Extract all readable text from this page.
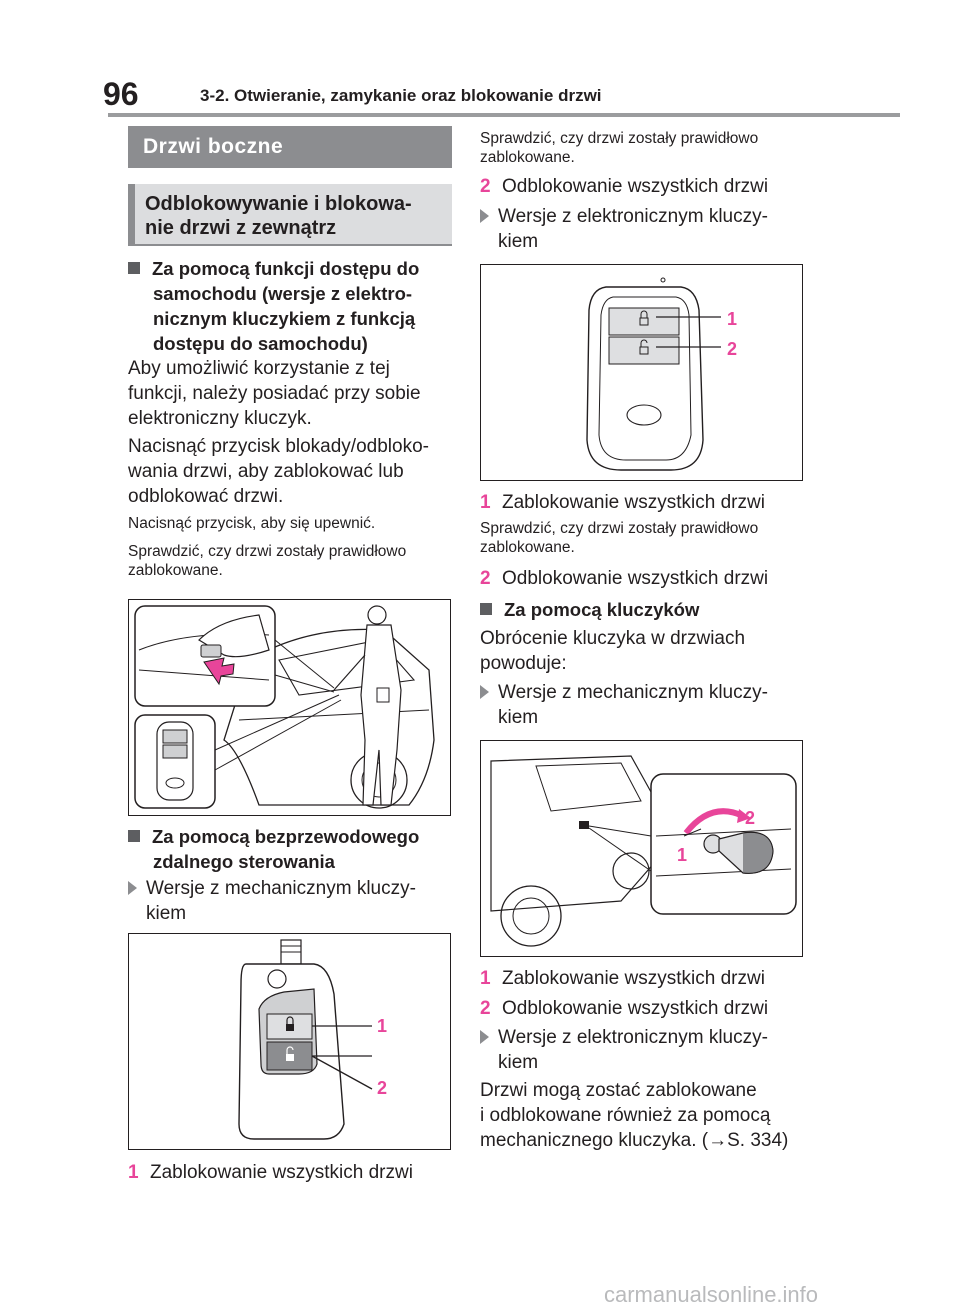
96	3-2. Otwieranie, zamykanie oraz blokowanie drzwi
Drzwi boczne
Odblokowywanie i blokowa-
nie drzwi z zewnątrz
Za pomocą funkcji dostępu do
samochodu (wersje z elektro-
nicznym kluczykiem z funkcją
dostępu do samochodu)
Aby umożliwić korzystanie z tej
funkcji, należy posiadać przy sobie
elektroniczny kluczyk.
Nacisnąć przycisk blokady/odbloko-
wania drzwi, aby zablokować lub
odblokować drzwi.
Nacisnąć przycisk, aby się upewnić.
Sprawdzić, czy drzwi zostały prawidłowo
zablokowane.
Za pomocą bezprzewodowego
zdalnego sterowania
Wersje z mechanicznym kluczy-
kiem
1
2
1 Zablokowanie wszystkich drzwi
Sprawdzić, czy drzwi zostały prawidłowo
zablokowane.
2 Odblokowanie wszystkich drzwi
Wersje z elektronicznym kluczy-
kiem
1
2
1 Zablokowanie wszystkich drzwi
Sprawdzić, czy drzwi zostały prawidłowo
zablokowane.
2 Odblokowanie wszystkich drzwi
Za pomocą kluczyków
Obrócenie kluczyka w drzwiach
powoduje:
Wersje z mechanicznym kluczy-
kiem
2
1
1 Zablokowanie wszystkich drzwi
2 Odblokowanie wszystkich drzwi
Wersje z elektronicznym kluczy-
kiem
Drzwi mogą zostać zablokowane
i odblokowane również za pomocą
mechanicznego kluczyka. (→S. 334)
carmanualsonline.info
